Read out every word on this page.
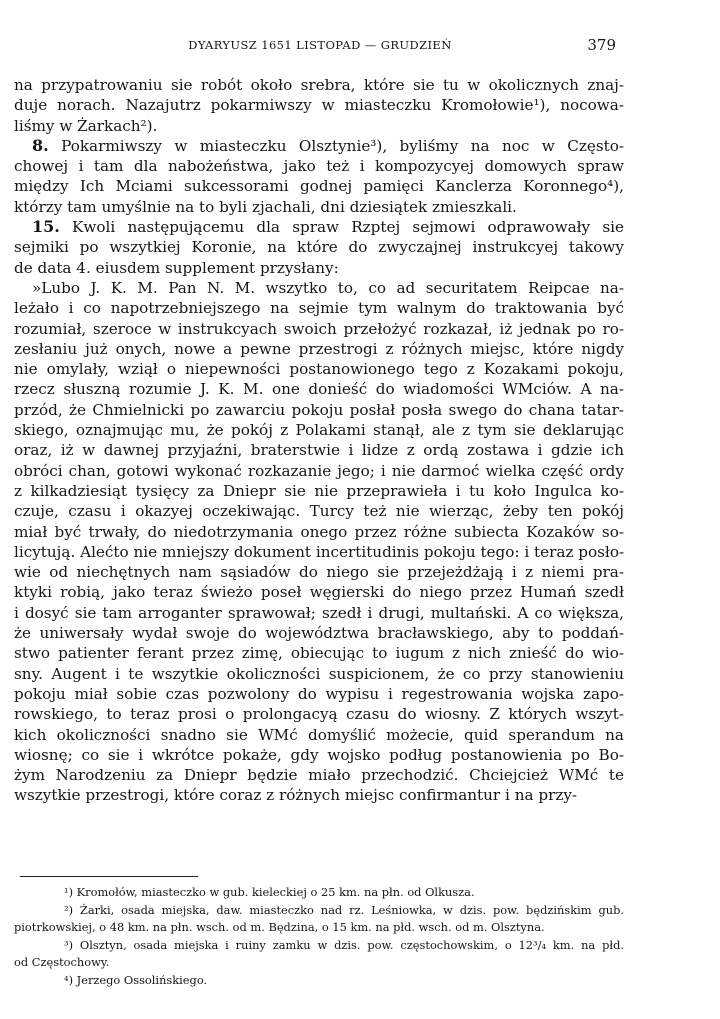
DYARYUSZ 1651 LISTOPAD — GRUDZIEŃ	379
na przypatrowaniu sie robót około srebra, które sie tu w okolicznych znaj-
duje norach. Nazajutrz pokarmiwszy w miasteczku Kromołowie¹), nocowa-
liśmy w Żarkach²).
8. Pokarmiwszy w miasteczku Olsztynie³), byliśmy na noc w Często-
chowej i tam dla nabożeństwa, jako też i kompozycyej domowych spraw
między Ich Mciami sukcessorami godnej pamięci Kanclerza Koronnego⁴),
którzy tam umyślnie na to byli zjachali, dni dziesiątek zmieszkali.
15. Kwoli następującemu dla spraw Rzptej sejmowi odprawowały sie
sejmiki po wszytkiej Koronie, na które do zwyczajnej instrukcyej takowy
de data 4. eiusdem supplement przysłany:
»Lubo J. K. M. Pan N. M. wszytko to, co ad securitatem Reipcae na-
leżało i co napotrzebniejszego na sejmie tym walnym do traktowania być
rozumiał, szeroce w instrukcyach swoich przełożyć rozkazał, iż jednak po ro-
zesłaniu już onych, nowe a pewne przestrogi z różnych miejsc, które nigdy
nie omylały, wziął o niepewności postanowionego tego z Kozakami pokoju,
rzecz słuszną rozumie J. K. M. one donieść do wiadomości WMciów. A na-
przód, że Chmielnicki po zawarciu pokoju posłał posła swego do chana tatar-
skiego, oznajmując mu, że pokój z Polakami stanął, ale z tym sie deklarując
oraz, iż w dawnej przyjaźni, braterstwie i lidze z ordą zostawa i gdzie ich
obróci chan, gotowi wykonać rozkazanie jego; i nie darmoć wielka część ordy
z kilkadziesiąt tysięcy za Dniepr sie nie przeprawieła i tu koło Ingulca ko-
czuje, czasu i okazyej oczekiwając. Turcy też nie wierząc, żeby ten pokój
miał być trwały, do niedotrzymania onego przez różne subiecta Kozaków so-
licytują. Alećto nie mniejszy dokument incertitudinis pokoju tego: i teraz posło-
wie od niechętnych nam sąsiadów do niego sie przejeżdżają i z niemi pra-
ktyki robią, jako teraz świeżo poseł węgierski do niego przez Humań szedł
i dosyć sie tam arroganter sprawował; szedł i drugi, multański. A co większa,
że uniwersały wydał swoje do województwa bracławskiego, aby to poddań-
stwo patienter ferant przez zimę, obiecując to iugum z nich znieść do wio-
sny. Augent i te wszytkie okoliczności suspicionem, że co przy stanowieniu
pokoju miał sobie czas pozwolony do wypisu i regestrowania wojska zapo-
rowskiego, to teraz prosi o prolongacyą czasu do wiosny. Z których wszyt-
kich okoliczności snadno sie WMć domyślić możecie, quid sperandum na
wiosnę; co sie i wkrótce pokaże, gdy wojsko podług postanowienia po Bo-
żym Narodzeniu za Dniepr będzie miało przechodzić. Chciejcież WMć te
wszytkie przestrogi, które coraz z różnych miejsc confirmantur i na przy-
¹) Kromołów, miasteczko w gub. kieleckiej o 25 km. na płn. od Olkusza.
²) Żarki, osada miejska, daw. miasteczko nad rz. Leśniowka, w dzis. pow. będzińskim gub.
piotrkowskiej, o 48 km. na płn. wsch. od m. Będzina, o 15 km. na płd. wsch. od m. Olsztyna.
³) Olsztyn, osada miejska i ruiny zamku w dzis. pow. częstochowskim, o 12³/₄ km. na płd.
od Częstochowy.
⁴) Jerzego Ossolińskiego.
